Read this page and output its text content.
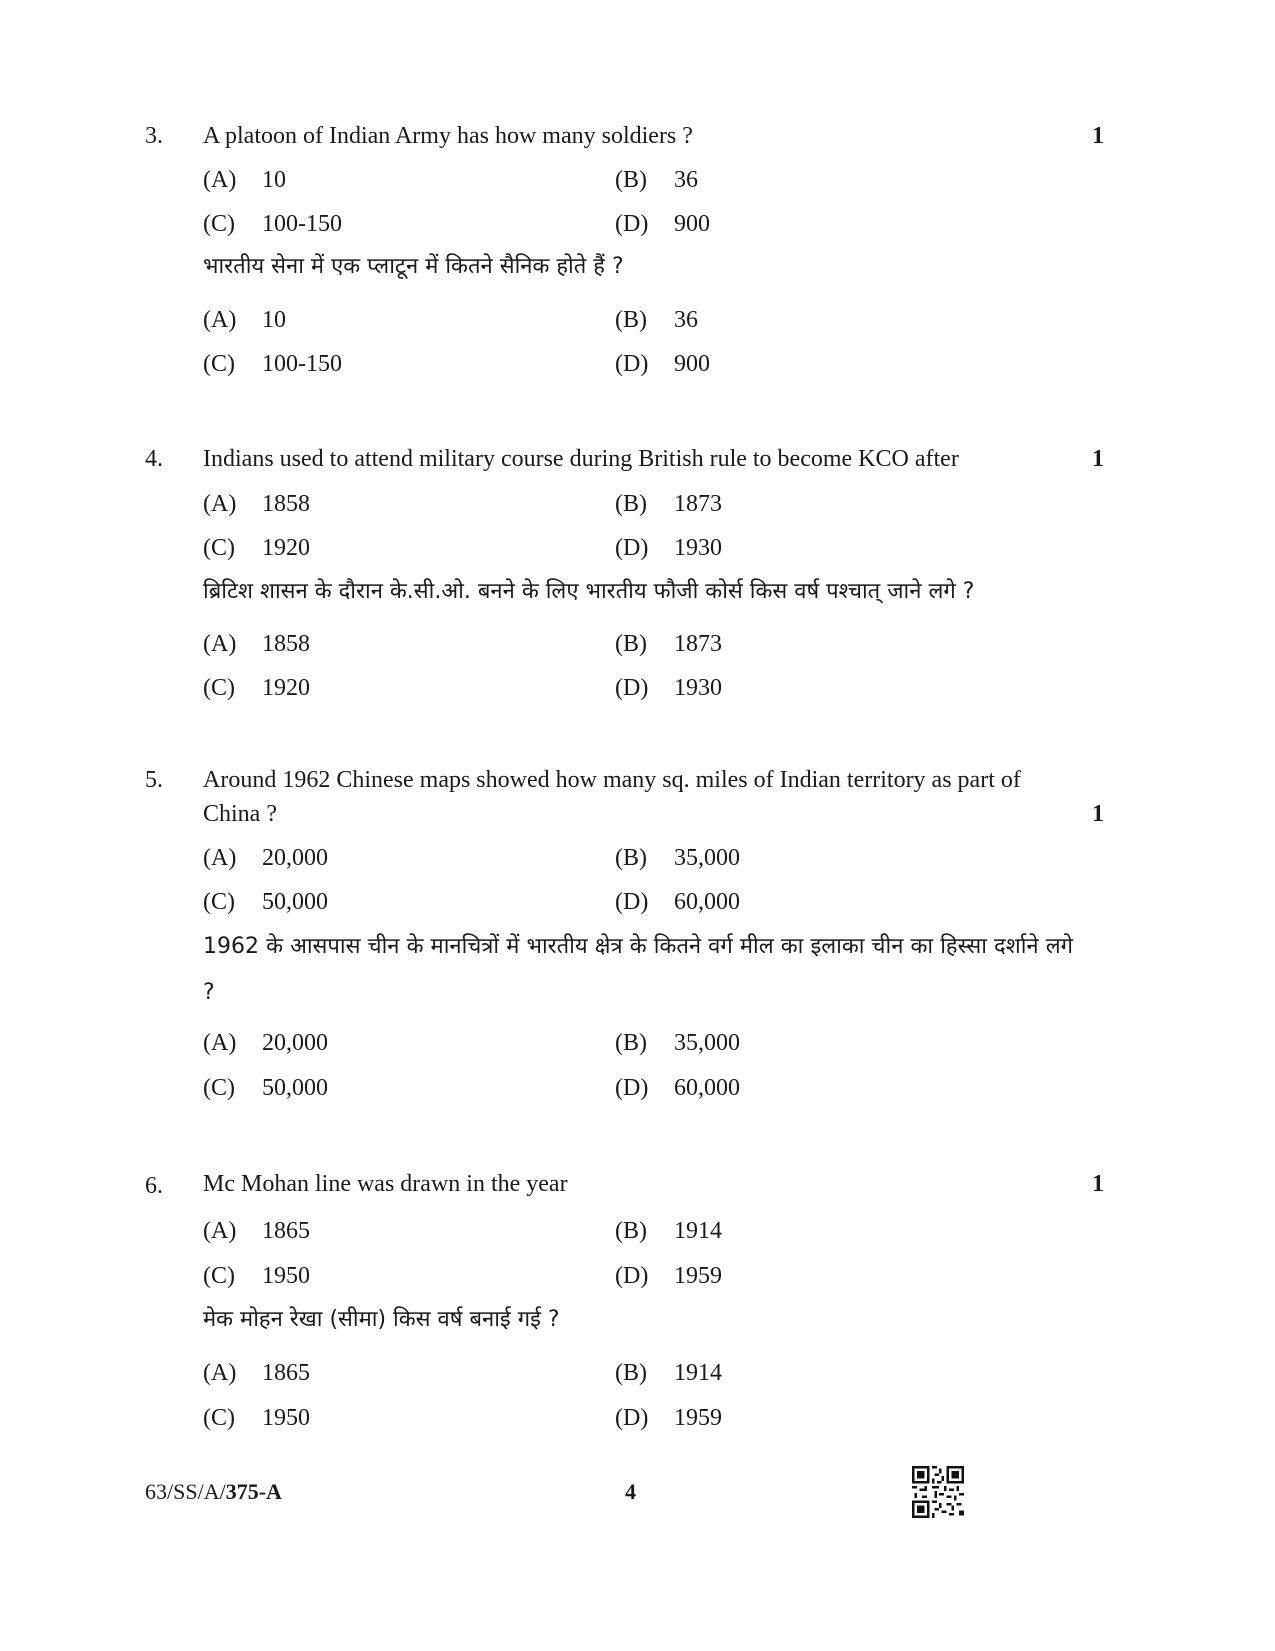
3. A platoon of Indian Army has how many soldiers ?	1
(A) 10	(B) 36
(C) 100-150	(D) 900
भारतीय सेना में एक प्लाटून में कितने सैनिक होते हैं ?
(A) 10	(B) 36
(C) 100-150	(D) 900
4. Indians used to attend military course during British rule to become KCO after	1
(A) 1858	(B) 1873
(C) 1920	(D) 1930
ब्रिटिश शासन के दौरान के.सी.ओ. बनने के लिए भारतीय फौजी कोर्स किस वर्ष पश्चात् जाने लगे ?
(A) 1858	(B) 1873
(C) 1920	(D) 1930
5. Around 1962 Chinese maps showed how many sq. miles of Indian territory as part of
China ?	1
(A) 20,000	(B) 35,000
(C) 50,000	(D) 60,000
1962 के आसपास चीन के मानचित्रों में भारतीय क्षेत्र के कितने वर्ग मील का इलाका चीन का हिस्सा दर्शाने लगे ?
(A) 20,000	(B) 35,000
(C) 50,000	(D) 60,000
6. Mc Mohan line was drawn in the year	1
(A) 1865	(B) 1914
(C) 1950	(D) 1959
मेक मोहन रेखा (सीमा) किस वर्ष बनाई गई ?
(A) 1865	(B) 1914
(C) 1950	(D) 1959
63/SS/A/375-A	4
